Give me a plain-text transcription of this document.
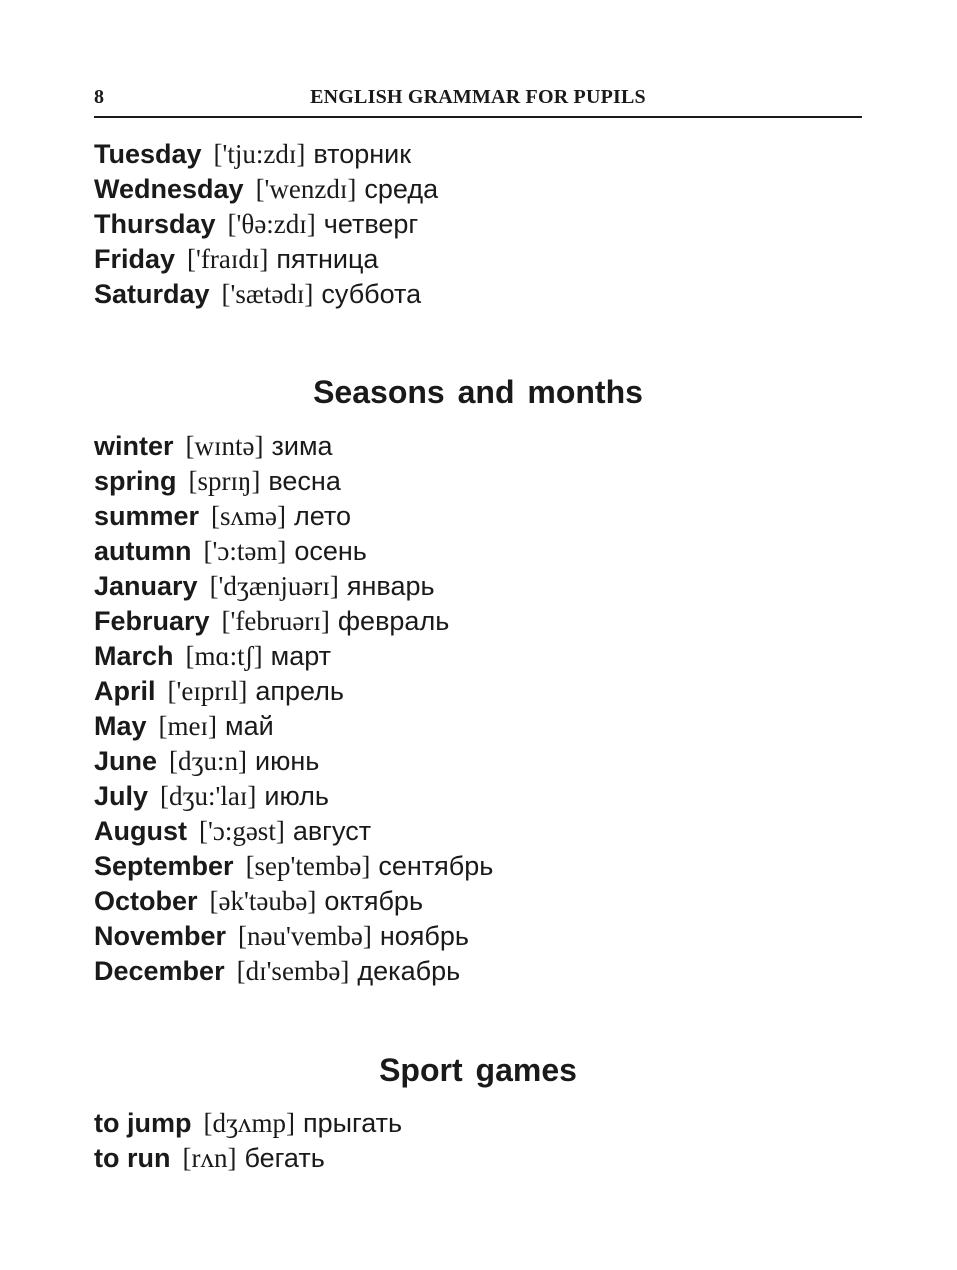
8	ENGLISH GRAMMAR FOR PUPILS
Tuesday ['tju:zdɪ] вторник
Wednesday ['wenzdɪ] среда
Thursday ['θə:zdɪ] четверг
Friday ['fraɪdɪ] пятница
Saturday ['sætədɪ] суббота
Seasons and months
winter [wɪntə] зима
spring [sprɪŋ] весна
summer [sʌmə] лето
autumn ['ɔ:təm] осень
January ['dʒænjuərɪ] январь
February ['februərɪ] февраль
March [mɑ:tʃ] март
April ['eɪprɪl] апрель
May [meɪ] май
June [dʒu:n] июнь
July [dʒu:'laɪ] июль
August ['ɔ:gəst] август
September [sep'tembə] сентябрь
October [ək'təubə] октябрь
November [nəu'vembə] ноябрь
December [dɪ'sembə] декабрь
Sport games
to jump [dʒʌmp] прыгать
to run [rʌn] бегать
